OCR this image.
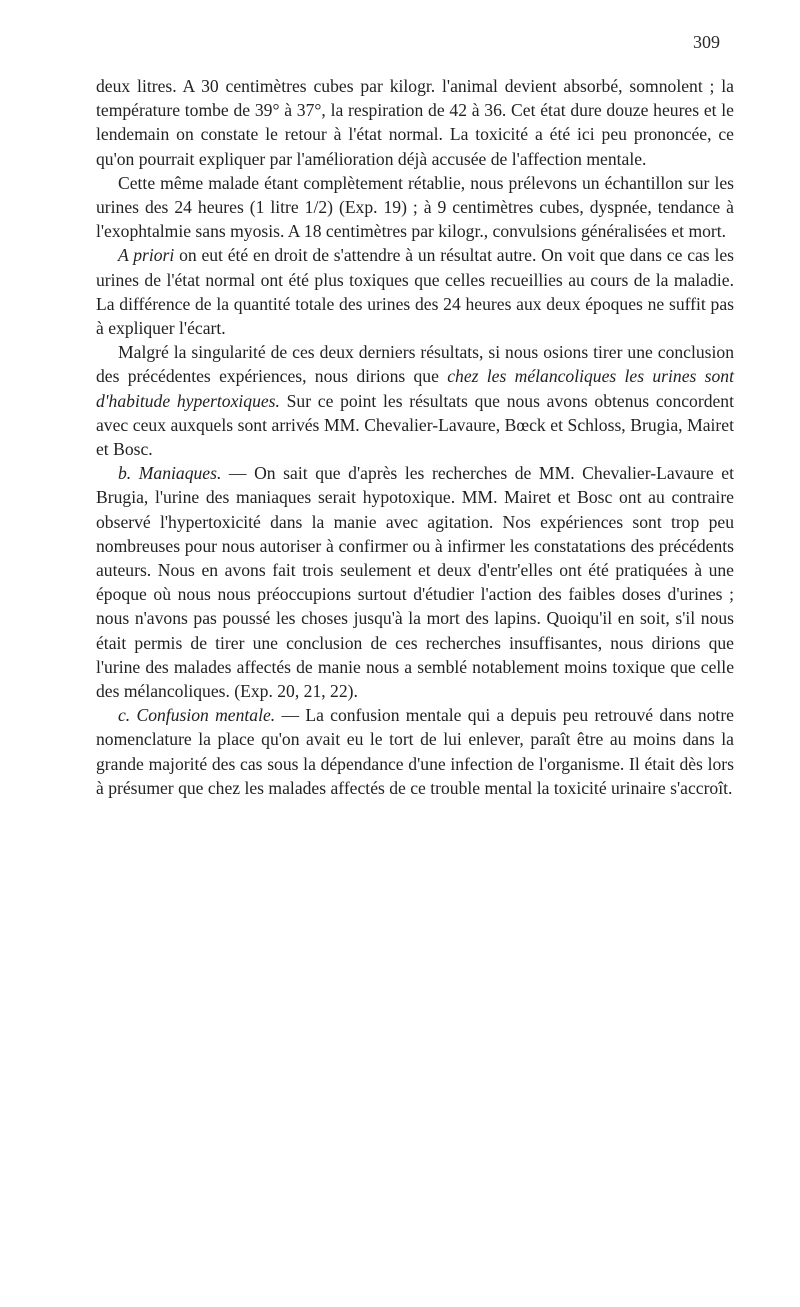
309

deux litres. A 30 centimètres cubes par kilogr. l'animal devient absorbé, somnolent ; la température tombe de 39° à 37°, la respiration de 42 à 36. Cet état dure douze heures et le lendemain on constate le retour à l'état normal. La toxicité a été ici peu prononcée, ce qu'on pourrait expliquer par l'amélioration déjà accusée de l'affection mentale.

Cette même malade étant complètement rétablie, nous prélevons un échantillon sur les urines des 24 heures (1 litre 1/2) (Exp. 19) ; à 9 centimètres cubes, dyspnée, tendance à l'exophtalmie sans myosis. A 18 centimètres par kilogr., convulsions généralisées et mort.

A priori on eut été en droit de s'attendre à un résultat autre. On voit que dans ce cas les urines de l'état normal ont été plus toxiques que celles recueillies au cours de la maladie. La différence de la quantité totale des urines des 24 heures aux deux époques ne suffit pas à expliquer l'écart.

Malgré la singularité de ces deux derniers résultats, si nous osions tirer une conclusion des précédentes expériences, nous dirions que chez les mélancoliques les urines sont d'habitude hypertoxiques. Sur ce point les résultats que nous avons obtenus concordent avec ceux auxquels sont arrivés MM. Chevalier-Lavaure, Bœck et Schloss, Brugia, Mairet et Bosc.

b. Maniaques. — On sait que d'après les recherches de MM. Chevalier-Lavaure et Brugia, l'urine des maniaques serait hypotoxique. MM. Mairet et Bosc ont au contraire observé l'hypertoxicité dans la manie avec agitation. Nos expériences sont trop peu nombreuses pour nous autoriser à confirmer ou à infirmer les constatations des précédents auteurs. Nous en avons fait trois seulement et deux d'entr'elles ont été pratiquées à une époque où nous nous préoccupions surtout d'étudier l'action des faibles doses d'urines ; nous n'avons pas poussé les choses jusqu'à la mort des lapins. Quoiqu'il en soit, s'il nous était permis de tirer une conclusion de ces recherches insuffisantes, nous dirions que l'urine des malades affectés de manie nous a semblé notablement moins toxique que celle des mélancoliques. (Exp. 20, 21, 22).

c. Confusion mentale. — La confusion mentale qui a depuis peu retrouvé dans notre nomenclature la place qu'on avait eu le tort de lui enlever, paraît être au moins dans la grande majorité des cas sous la dépendance d'une infection de l'organisme. Il était dès lors à présumer que chez les malades affectés de ce trouble mental la toxicité urinaire s'accroît.
